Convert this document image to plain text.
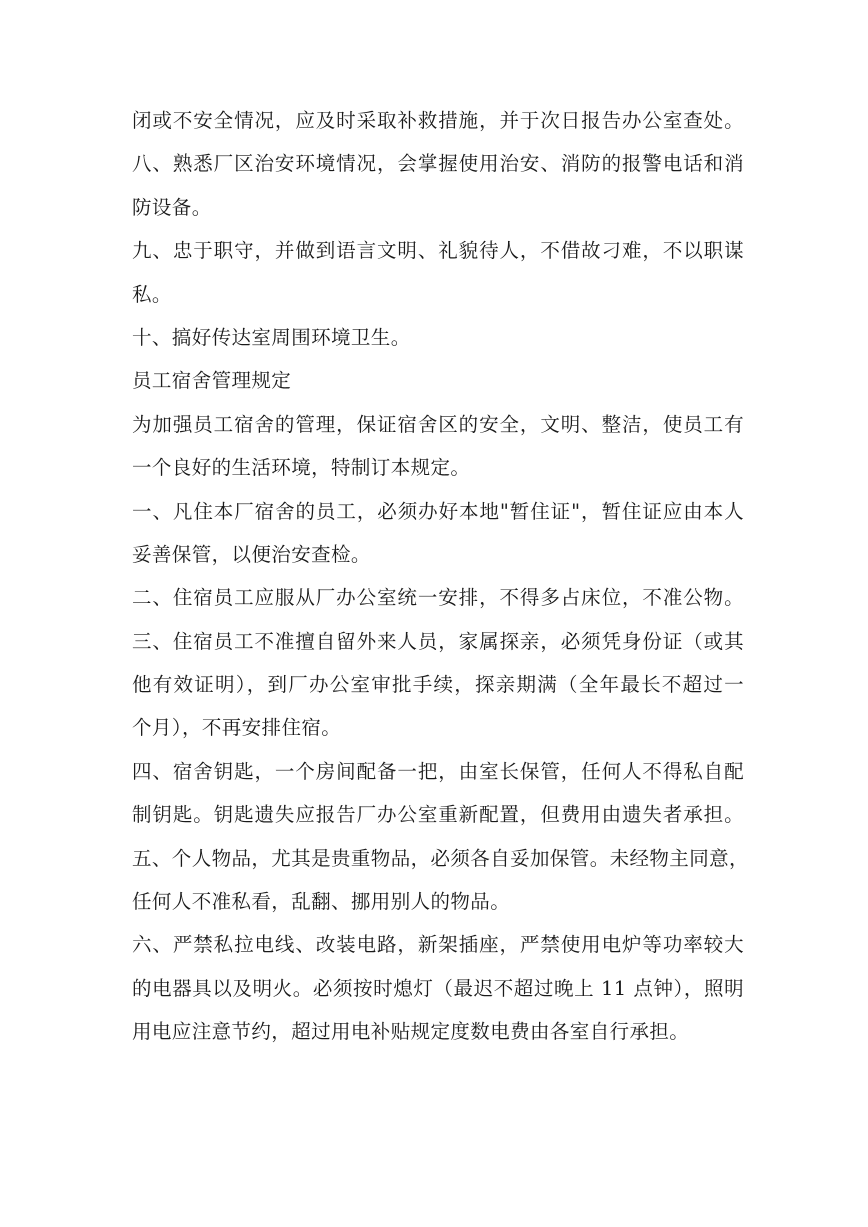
闭或不安全情况，应及时采取补救措施，并于次日报告办公室查处。

八、熟悉厂区治安环境情况，会掌握使用治安、消防的报警电话和消

防设备。

九、忠于职守，并做到语言文明、礼貌待人，不借故刁难，不以职谋

私。

十、搞好传达室周围环境卫生。

员工宿舍管理规定

为加强员工宿舍的管理，保证宿舍区的安全，文明、整洁，使员工有

一个良好的生活环境，特制订本规定。

一、凡住本厂宿舍的员工，必须办好本地"暂住证"，暂住证应由本人

妥善保管，以便治安查检。

二、住宿员工应服从厂办公室统一安排，不得多占床位，不准公物。

三、住宿员工不准擅自留外来人员，家属探亲，必须凭身份证（或其

他有效证明），到厂办公室审批手续，探亲期满（全年最长不超过一

个月），不再安排住宿。

四、宿舍钥匙，一个房间配备一把，由室长保管，任何人不得私自配

制钥匙。钥匙遗失应报告厂办公室重新配置，但费用由遗失者承担。

五、个人物品，尤其是贵重物品，必须各自妥加保管。未经物主同意，

任何人不准私看，乱翻、挪用别人的物品。

六、严禁私拉电线、改装电路，新架插座，严禁使用电炉等功率较大

的电器具以及明火。必须按时熄灯（最迟不超过晚上 11 点钟），照明

用电应注意节约，超过用电补贴规定度数电费由各室自行承担。
